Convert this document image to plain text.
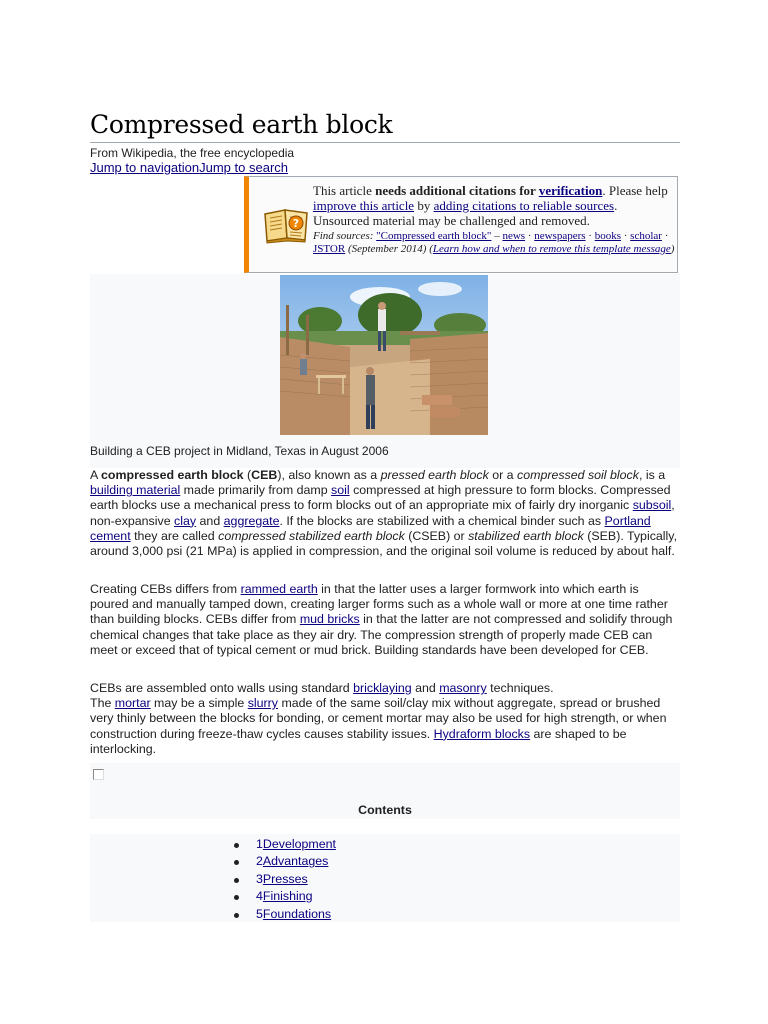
Compressed earth block
From Wikipedia, the free encyclopedia
Jump to navigationJump to search
?
This article needs additional citations for verification. Please help improve this article by adding citations to reliable sources. Unsourced material may be challenged and removed.
Find sources: "Compressed earth block" – news · newspapers · books · scholar · JSTOR (September 2014) (Learn how and when to remove this template message)
Building a CEB project in Midland, Texas in August 2006
A compressed earth block (CEB), also known as a pressed earth block or a compressed soil block, is a building material made primarily from damp soil compressed at high pressure to form blocks. Compressed earth blocks use a mechanical press to form blocks out of an appropriate mix of fairly dry inorganic subsoil, non-expansive clay and aggregate. If the blocks are stabilized with a chemical binder such as Portland cement they are called compressed stabilized earth block (CSEB) or stabilized earth block (SEB). Typically, around 3,000 psi (21 MPa) is applied in compression, and the original soil volume is reduced by about half.
Creating CEBs differs from rammed earth in that the latter uses a larger formwork into which earth is poured and manually tamped down, creating larger forms such as a whole wall or more at one time rather than building blocks. CEBs differ from mud bricks in that the latter are not compressed and solidify through chemical changes that take place as they air dry. The compression strength of properly made CEB can meet or exceed that of typical cement or mud brick. Building standards have been developed for CEB.
CEBs are assembled onto walls using standard bricklaying and masonry techniques.
The mortar may be a simple slurry made of the same soil/clay mix without aggregate, spread or brushed very thinly between the blocks for bonding, or cement mortar may also be used for high strength, or when construction during freeze-thaw cycles causes stability issues. Hydraform blocks are shaped to be interlocking.
Contents
1Development
2Advantages
3Presses
4Finishing
5Foundations
